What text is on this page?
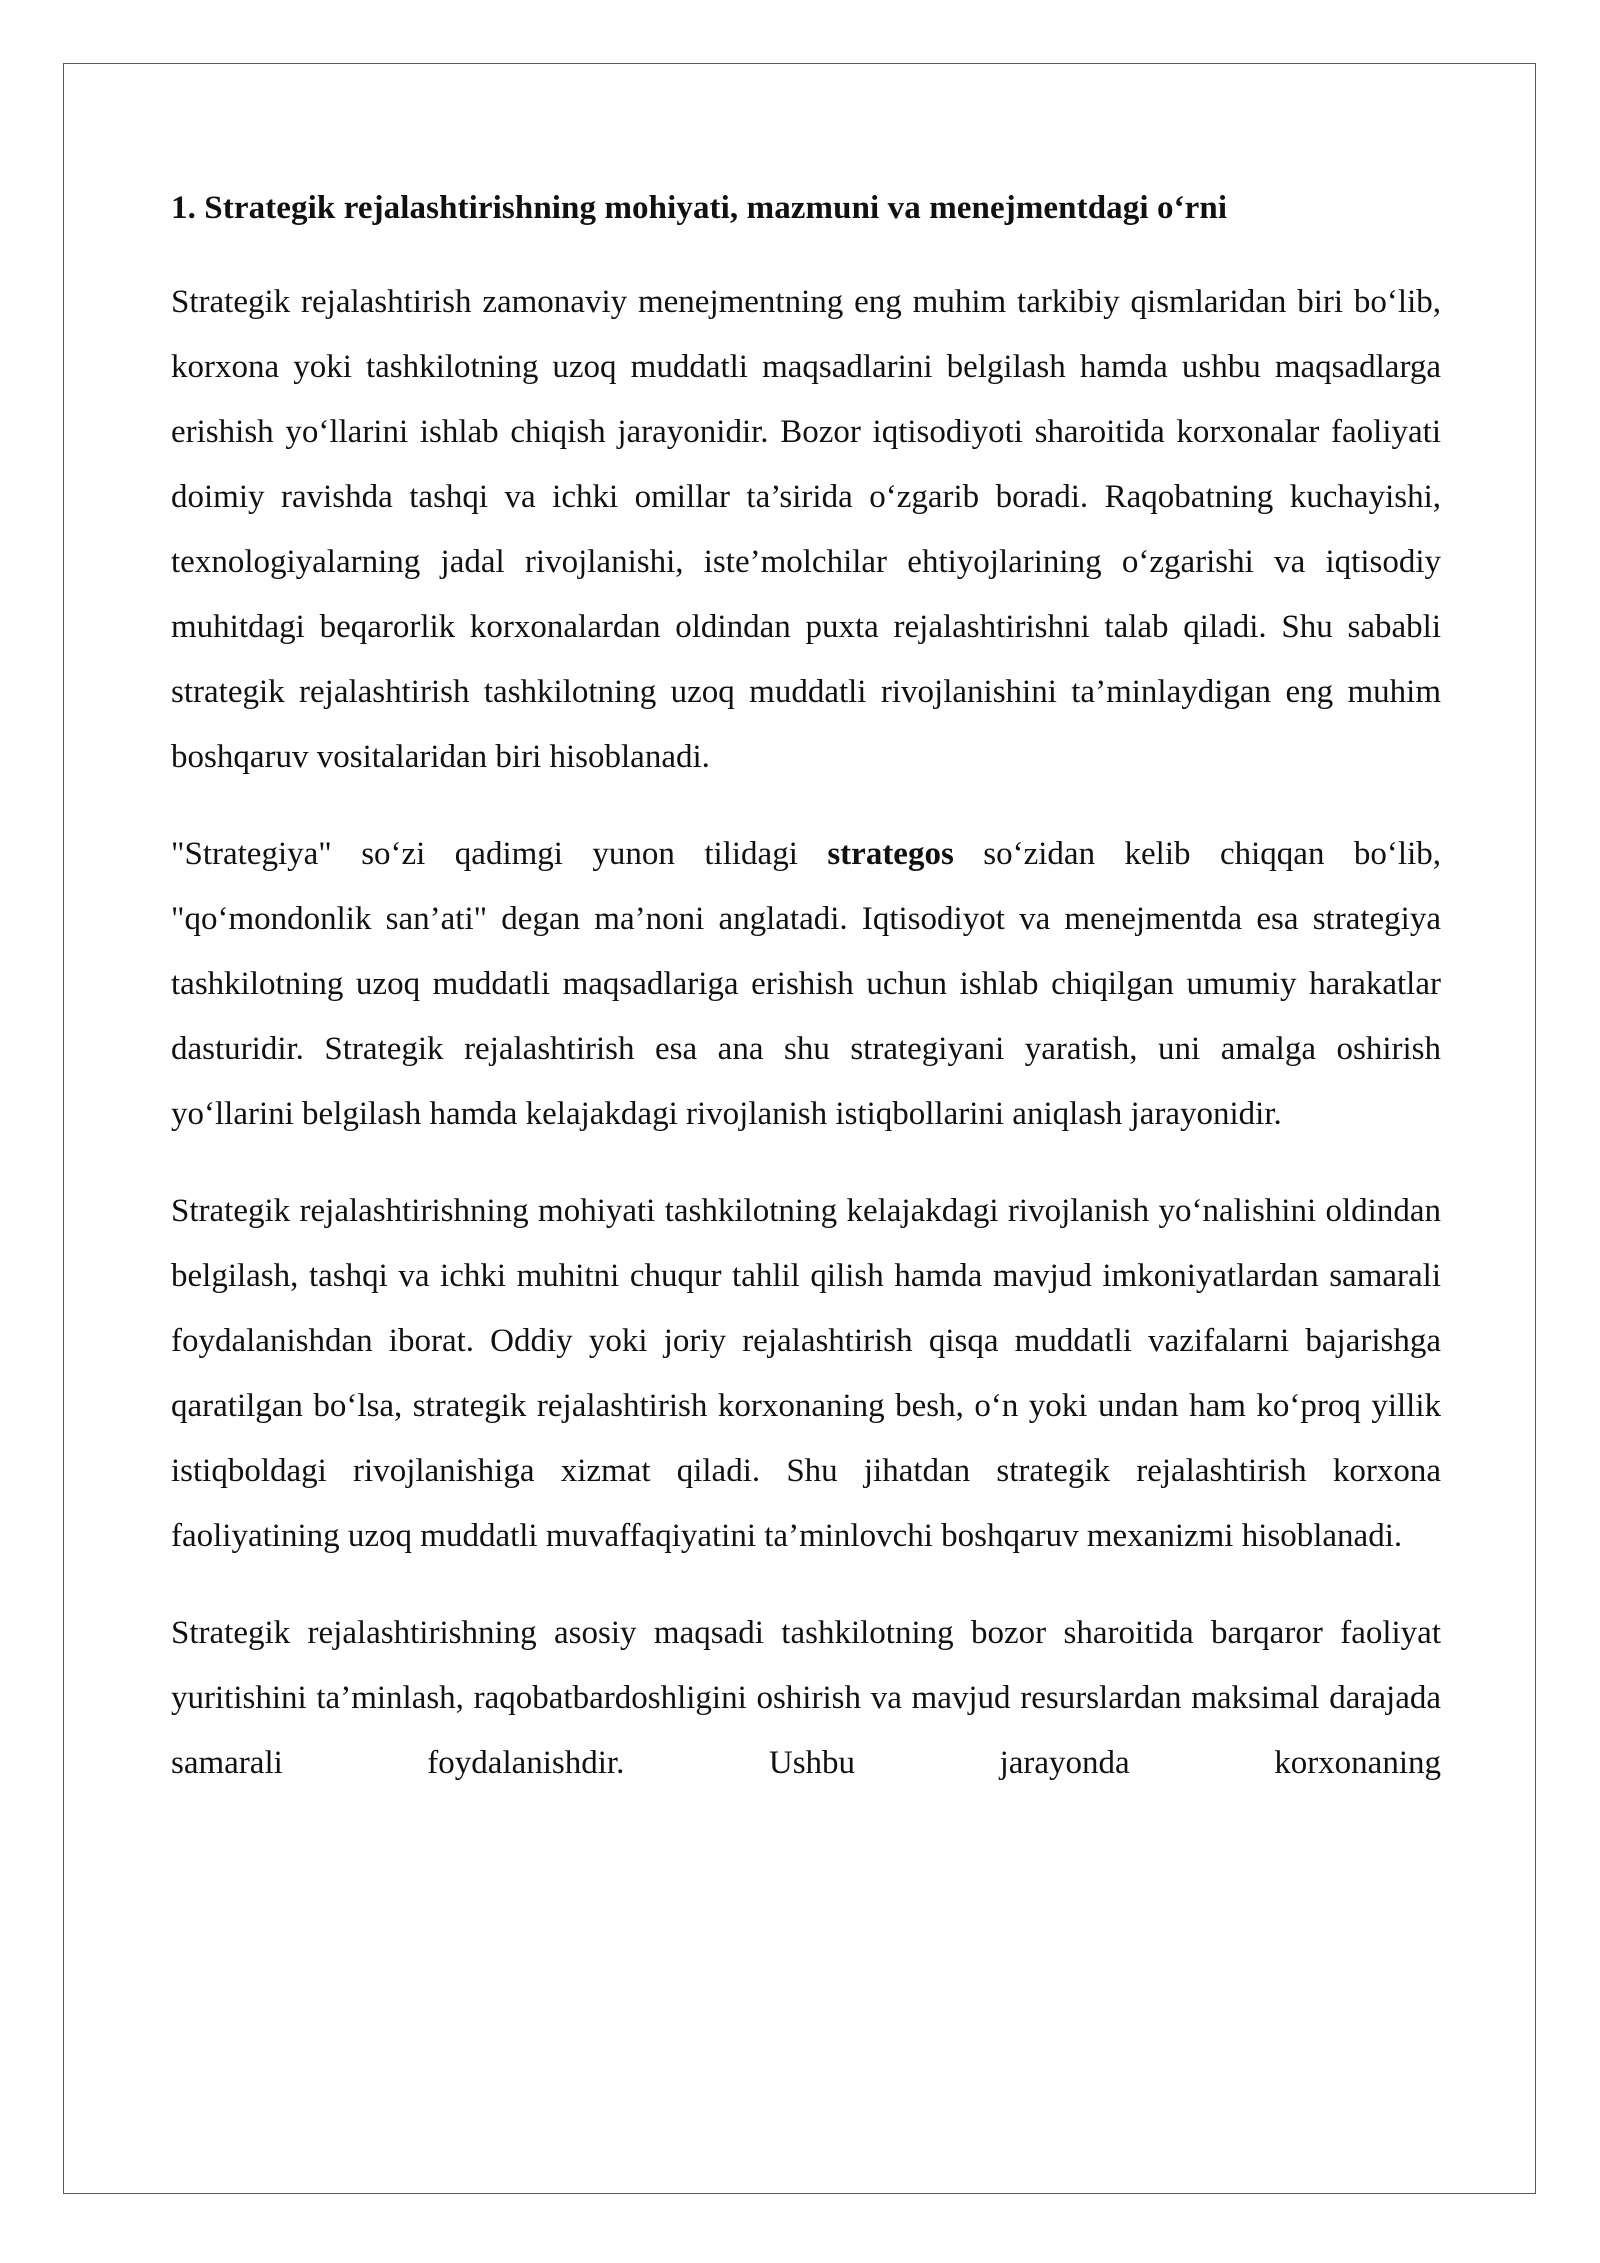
1. Strategik rejalashtirishning mohiyati, mazmuni va menejmentdagi o‘rni

Strategik rejalashtirish zamonaviy menejmentning eng muhim tarkibiy qismlaridan biri bo‘lib, korxona yoki tashkilotning uzoq muddatli maqsadlarini belgilash hamda ushbu maqsadlarga erishish yo‘llarini ishlab chiqish jarayonidir. Bozor iqtisodiyoti sharoitida korxonalar faoliyati doimiy ravishda tashqi va ichki omillar ta’sirida o‘zgarib boradi. Raqobatning kuchayishi, texnologiyalarning jadal rivojlanishi, iste’molchilar ehtiyojlarining o‘zgarishi va iqtisodiy muhitdagi beqarorlik korxonalardan oldindan puxta rejalashtirishni talab qiladi. Shu sababli strategik rejalashtirish tashkilotning uzoq muddatli rivojlanishini ta’minlaydigan eng muhim boshqaruv vositalaridan biri hisoblanadi.

"Strategiya" so‘zi qadimgi yunon tilidagi strategos so‘zidan kelib chiqqan bo‘lib, "qo‘mondonlik san’ati" degan ma’noni anglatadi. Iqtisodiyot va menejmentda esa strategiya tashkilotning uzoq muddatli maqsadlariga erishish uchun ishlab chiqilgan umumiy harakatlar dasturidir. Strategik rejalashtirish esa ana shu strategiyani yaratish, uni amalga oshirish yo‘llarini belgilash hamda kelajakdagi rivojlanish istiqbollarini aniqlash jarayonidir.

Strategik rejalashtirishning mohiyati tashkilotning kelajakdagi rivojlanish yo‘nalishini oldindan belgilash, tashqi va ichki muhitni chuqur tahlil qilish hamda mavjud imkoniyatlardan samarali foydalanishdan iborat. Oddiy yoki joriy rejalashtirish qisqa muddatli vazifalarni bajarishga qaratilgan bo‘lsa, strategik rejalashtirish korxonaning besh, o‘n yoki undan ham ko‘proq yillik istiqboldagi rivojlanishiga xizmat qiladi. Shu jihatdan strategik rejalashtirish korxona faoliyatining uzoq muddatli muvaffaqiyatini ta’minlovchi boshqaruv mexanizmi hisoblanadi.

Strategik rejalashtirishning asosiy maqsadi tashkilotning bozor sharoitida barqaror faoliyat yuritishini ta’minlash, raqobatbardoshligini oshirish va mavjud resurslardan maksimal darajada samarali foydalanishdir. Ushbu jarayonda korxonaning
